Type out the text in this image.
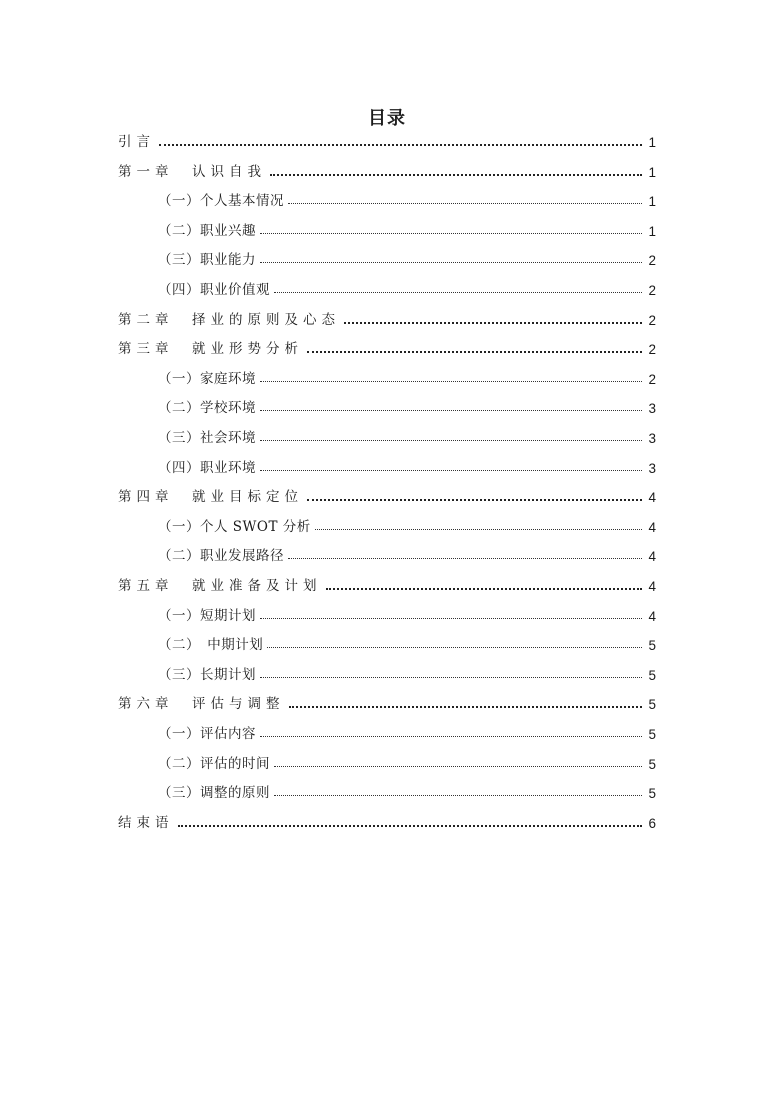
目录
引言	1
第一章　认识自我	1
（一）个人基本情况	1
（二）职业兴趣	1
（三）职业能力	2
（四）职业价值观	2
第二章　择业的原则及心态	2
第三章　就业形势分析	2
（一）家庭环境	2
（二）学校环境	3
（三）社会环境	3
（四）职业环境	3
第四章　就业目标定位	4
（一）个人 SWOT 分析	4
（二）职业发展路径	4
第五章　就业准备及计划	4
（一）短期计划	4
（二）　中期计划	5
（三）长期计划	5
第六章　评估与调整	5
（一）评估内容	5
（二）评估的时间	5
（三）调整的原则	5
结束语	6
